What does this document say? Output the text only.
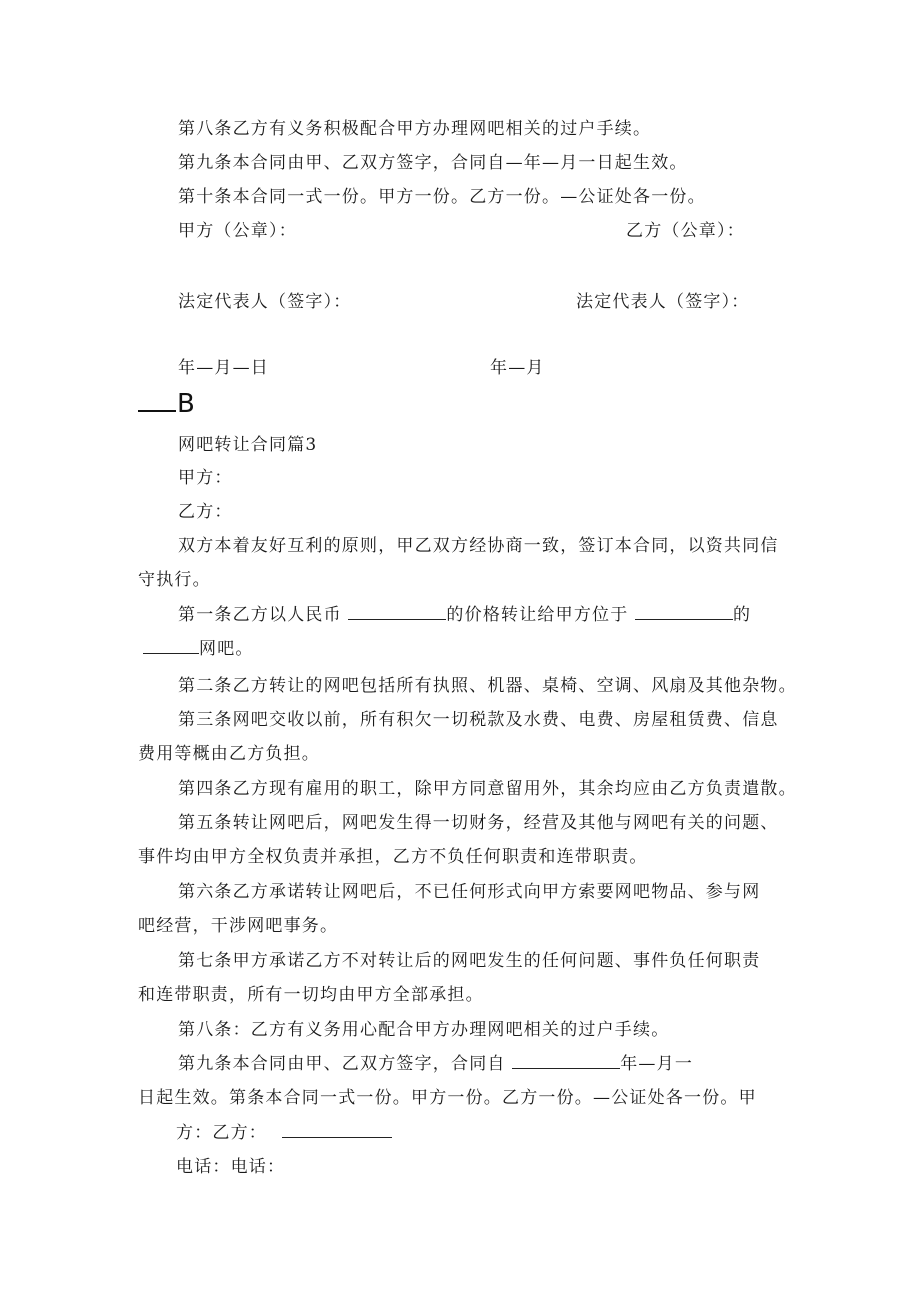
第八条乙方有义务积极配合甲方办理网吧相关的过户手续。
第九条本合同由甲、乙双方签字，合同自—年—月一日起生效。
第十条本合同一式一份。甲方一份。乙方一份。—公证处各一份。
甲方（公章）：	乙方（公章）：
法定代表人（签字）：	法定代表人（签字）：
年—月—日	年—月
B
网吧转让合同篇3
甲方：
乙方：
双方本着友好互利的原则，甲乙双方经协商一致，签订本合同，以资共同信
守执行。
第一条乙方以人民币	的价格转让给甲方位于	的
网吧。
第二条乙方转让的网吧包括所有执照、机器、桌椅、空调、风扇及其他杂物。
第三条网吧交收以前，所有积欠一切税款及水费、电费、房屋租赁费、信息
费用等概由乙方负担。
第四条乙方现有雇用的职工，除甲方同意留用外，其余均应由乙方负责遣散。
第五条转让网吧后，网吧发生得一切财务，经营及其他与网吧有关的问题、
事件均由甲方全权负责并承担，乙方不负任何职责和连带职责。
第六条乙方承诺转让网吧后，不已任何形式向甲方索要网吧物品、参与网
吧经营，干涉网吧事务。
第七条甲方承诺乙方不对转让后的网吧发生的任何问题、事件负任何职责
和连带职责，所有一切均由甲方全部承担。
第八条：乙方有义务用心配合甲方办理网吧相关的过户手续。
第九条本合同由甲、乙双方签字，合同自	年—月一
日起生效。第条本合同一式一份。甲方一份。乙方一份。—公证处各一份。甲
方：乙方：
电话：电话：
